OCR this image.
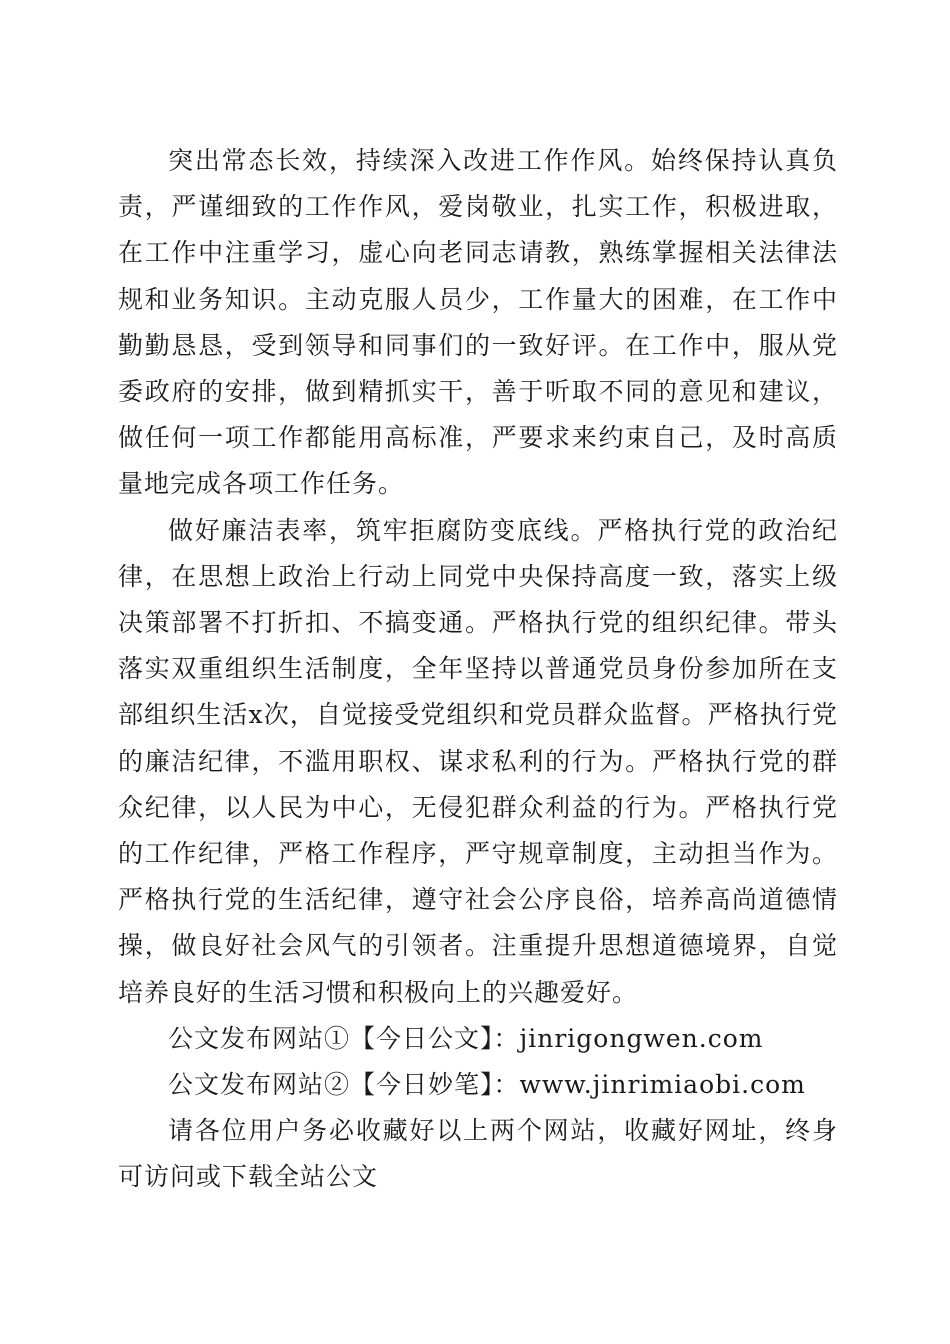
突出常态长效，持续深入改进工作作风。始终保持认真负责，严谨细致的工作作风，爱岗敬业，扎实工作，积极进取，在工作中注重学习，虚心向老同志请教，熟练掌握相关法律法规和业务知识。主动克服人员少，工作量大的困难，在工作中勤勤恳恳，受到领导和同事们的一致好评。在工作中，服从党委政府的安排，做到精抓实干，善于听取不同的意见和建议，做任何一项工作都能用高标准，严要求来约束自己，及时高质量地完成各项工作任务。

做好廉洁表率，筑牢拒腐防变底线。严格执行党的政治纪律，在思想上政治上行动上同党中央保持高度一致，落实上级决策部署不打折扣、不搞变通。严格执行党的组织纪律。带头落实双重组织生活制度，全年坚持以普通党员身份参加所在支部组织生活x次，自觉接受党组织和党员群众监督。严格执行党的廉洁纪律，不滥用职权、谋求私利的行为。严格执行党的群众纪律，以人民为中心，无侵犯群众利益的行为。严格执行党的工作纪律，严格工作程序，严守规章制度，主动担当作为。严格执行党的生活纪律，遵守社会公序良俗，培养高尚道德情操，做良好社会风气的引领者。注重提升思想道德境界，自觉培养良好的生活习惯和积极向上的兴趣爱好。

公文发布网站①【今日公文】：jinrigongwen.com

公文发布网站②【今日妙笔】：www.jinrimiaobi.com

请各位用户务必收藏好以上两个网站，收藏好网址，终身可访问或下载全站公文
